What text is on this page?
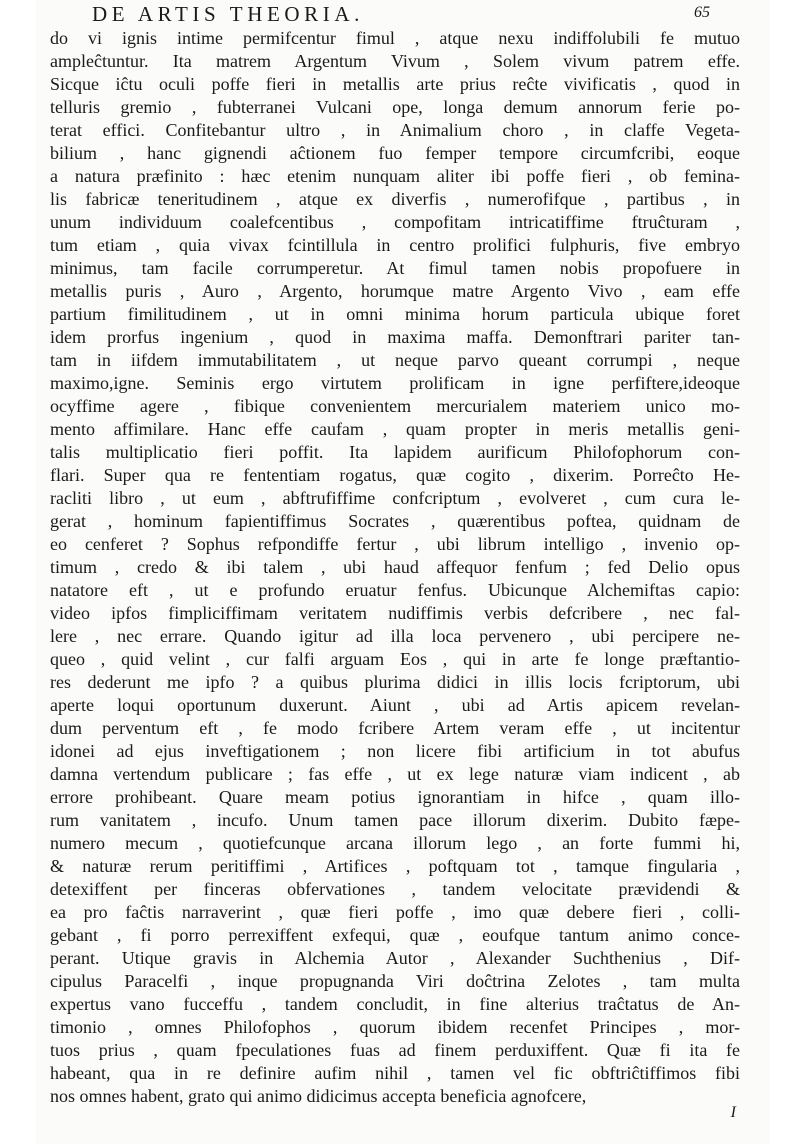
DE ARTIS THEORIA.	65
do vi ignis intime permifcentur fimul , atque nexu indiffolubili fe mutuo
ampleĉtuntur. Ita matrem Argentum Vivum , Solem vivum patrem effe.
Sicque iĉtu oculi poffe fieri in metallis arte prius reĉte vivificatis , quod in
telluris gremio , fubterranei Vulcani ope, longa demum annorum ferie po-
terat effici. Confitebantur ultro , in Animalium choro , in claffe Vegeta-
bilium , hanc gignendi aĉtionem fuo femper tempore circumfcribi, eoque
a natura præfinito : hæc etenim nunquam aliter ibi poffe fieri , ob femina-
lis fabricæ teneritudinem , atque ex diverfis , numerofifque , partibus , in
unum individuum coalefcentibus , compofitam intricatiffime ftruĉturam ,
tum etiam , quia vivax fcintillula in centro prolifici fulphuris, five embryo
minimus, tam facile corrumperetur. At fimul tamen nobis propofuere in
metallis puris , Auro , Argento, horumque matre Argento Vivo , eam effe
partium fimilitudinem , ut in omni minima horum particula ubique foret
idem prorfus ingenium , quod in maxima maffa. Demonftrari pariter tan-
tam in iifdem immutabilitatem , ut neque parvo queant corrumpi , neque
maximo,igne. Seminis ergo virtutem prolificam in igne perfiftere,ideoque
ocyffime agere , fibique convenientem mercurialem materiem unico mo-
mento affimilare. Hanc effe caufam , quam propter in meris metallis geni-
talis multiplicatio fieri poffit. Ita lapidem aurificum Philofophorum con-
flari. Super qua re fententiam rogatus, quæ cogito , dixerim. Porreĉto He-
racliti libro , ut eum , abftrufiffime confcriptum , evolveret , cum cura le-
gerat , hominum fapientiffimus Socrates , quærentibus poftea, quidnam de
eo cenferet ? Sophus refpondiffe fertur , ubi librum intelligo , invenio op-
timum , credo & ibi talem , ubi haud affequor fenfum ; fed Delio opus
natatore eft , ut e profundo eruatur fenfus. Ubicunque Alchemiftas capio:
video ipfos fimpliciffimam veritatem nudiffimis verbis defcribere , nec fal-
lere , nec errare. Quando igitur ad illa loca pervenero , ubi percipere ne-
queo , quid velint , cur falfi arguam Eos , qui in arte fe longe præftantio-
res dederunt me ipfo ? a quibus plurima didici in illis locis fcriptorum, ubi
aperte loqui oportunum duxerunt. Aiunt , ubi ad Artis apicem revelan-
dum perventum eft , fe modo fcribere Artem veram effe , ut incitentur
idonei ad ejus inveftigationem ; non licere fibi artificium in tot abufus
damna vertendum publicare ; fas effe , ut ex lege naturæ viam indicent , ab
errore prohibeant. Quare meam potius ignorantiam in hifce , quam illo-
rum vanitatem , incufo. Unum tamen pace illorum dixerim. Dubito fæpe-
numero mecum , quotiefcunque arcana illorum lego , an forte fummi hi,
& naturæ rerum peritiffimi , Artifices , poftquam tot , tamque fingularia ,
detexiffent per finceras obfervationes , tandem velocitate prævidendi &
ea pro faĉtis narraverint , quæ fieri poffe , imo quæ debere fieri , colli-
gebant , fi porro perrexiffent exfequi, quæ , eoufque tantum animo conce-
perant. Utique gravis in Alchemia Autor , Alexander Suchthenius , Dif-
cipulus Paracelfi , inque propugnanda Viri doĉtrina Zelotes , tam multa
expertus vano fucceffu , tandem concludit, in fine alterius traĉtatus de An-
timonio , omnes Philofophos , quorum ibidem recenfet Principes , mor-
tuos prius , quam fpeculationes fuas ad finem perduxiffent. Quæ fi ita fe
habeant, qua in re definire aufim nihil , tamen vel fic obftriĉtiffimos fibi
nos omnes habent, grato qui animo didicimus accepta beneficia agnofcere,
I
